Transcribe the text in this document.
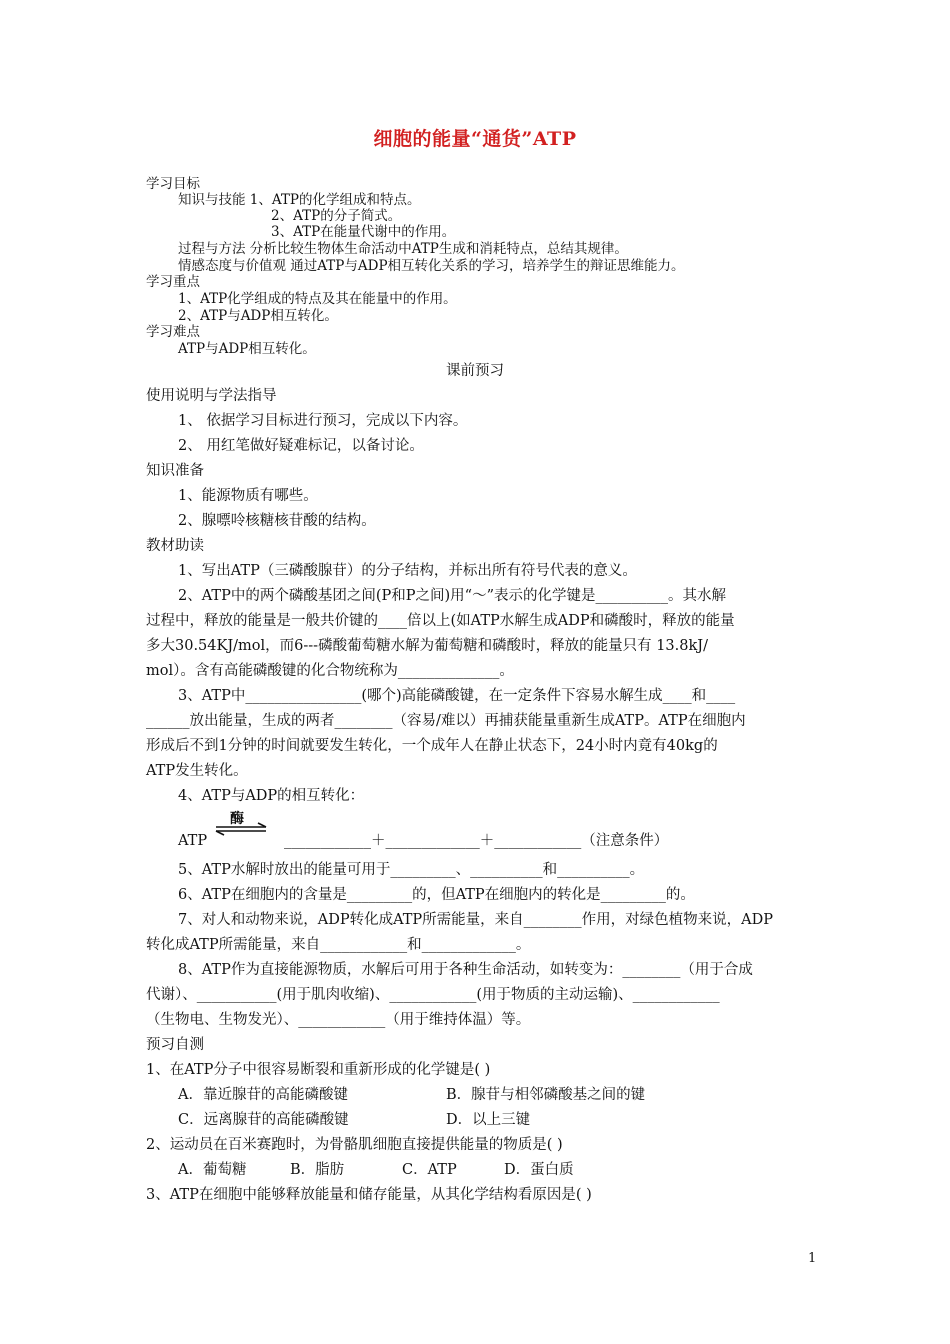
细胞的能量“通货”ATP
学习目标
知识与技能 1、ATP的化学组成和特点。
2、ATP的分子简式。
3、ATP在能量代谢中的作用。
过程与方法 分析比较生物体生命活动中ATP生成和消耗特点，总结其规律。
情感态度与价值观 通过ATP与ADP相互转化关系的学习，培养学生的辩证思维能力。
学习重点
1、ATP化学组成的特点及其在能量中的作用。
2、ATP与ADP相互转化。
学习难点
ATP与ADP相互转化。
课前预习
使用说明与学法指导
1、 依据学习目标进行预习，完成以下内容。
2、 用红笔做好疑难标记，以备讨论。
知识准备
1、能源物质有哪些。
2、腺嘌呤核糖核苷酸的结构。
教材助读
1、写出ATP（三磷酸腺苷）的分子结构，并标出所有符号代表的意义。
2、ATP中的两个磷酸基团之间(P和P之间)用“～”表示的化学键是__________。其水解
过程中，释放的能量是一般共价键的____倍以上(如ATP水解生成ADP和磷酸时，释放的能量
多大30.54KJ/mol，而6---磷酸葡萄糖水解为葡萄糖和磷酸时，释放的能量只有 13.8kJ/
mol）。含有高能磷酸键的化合物统称为______________。
3、ATP中________________(哪个)高能磷酸键，在一定条件下容易水解生成____和____
______放出能量，生成的两者________（容易/难以）再捕获能量重新生成ATP。ATP在细胞内
形成后不到1分钟的时间就要发生转化，一个成年人在静止状态下，24小时内竟有40kg的
ATP发生转化。
4、ATP与ADP的相互转化：
ATP
酶
____________＋_____________＋____________（注意条件）
5、ATP水解时放出的能量可用于_________、__________和__________。
6、ATP在细胞内的含量是_________的，但ATP在细胞内的转化是_________的。
7、对人和动物来说，ADP转化成ATP所需能量，来自________作用，对绿色植物来说，ADP
转化成ATP所需能量，来自____________和_____________。
8、ATP作为直接能源物质，水解后可用于各种生命活动，如转变为：________（用于合成
代谢）、___________(用于肌肉收缩)、____________(用于物质的主动运输)、____________
（生物电、生物发光）、____________（用于维持体温）等。
预习自测
1、在ATP分子中很容易断裂和重新形成的化学键是( )
A．靠近腺苷的高能磷酸键	B．腺苷与相邻磷酸基之间的键
C．远离腺苷的高能磷酸键	D．以上三键
2、运动员在百米赛跑时，为骨骼肌细胞直接提供能量的物质是( )
A．葡萄糖	B．脂肪	C．ATP	D．蛋白质
3、ATP在细胞中能够释放能量和储存能量，从其化学结构看原因是( )
1
